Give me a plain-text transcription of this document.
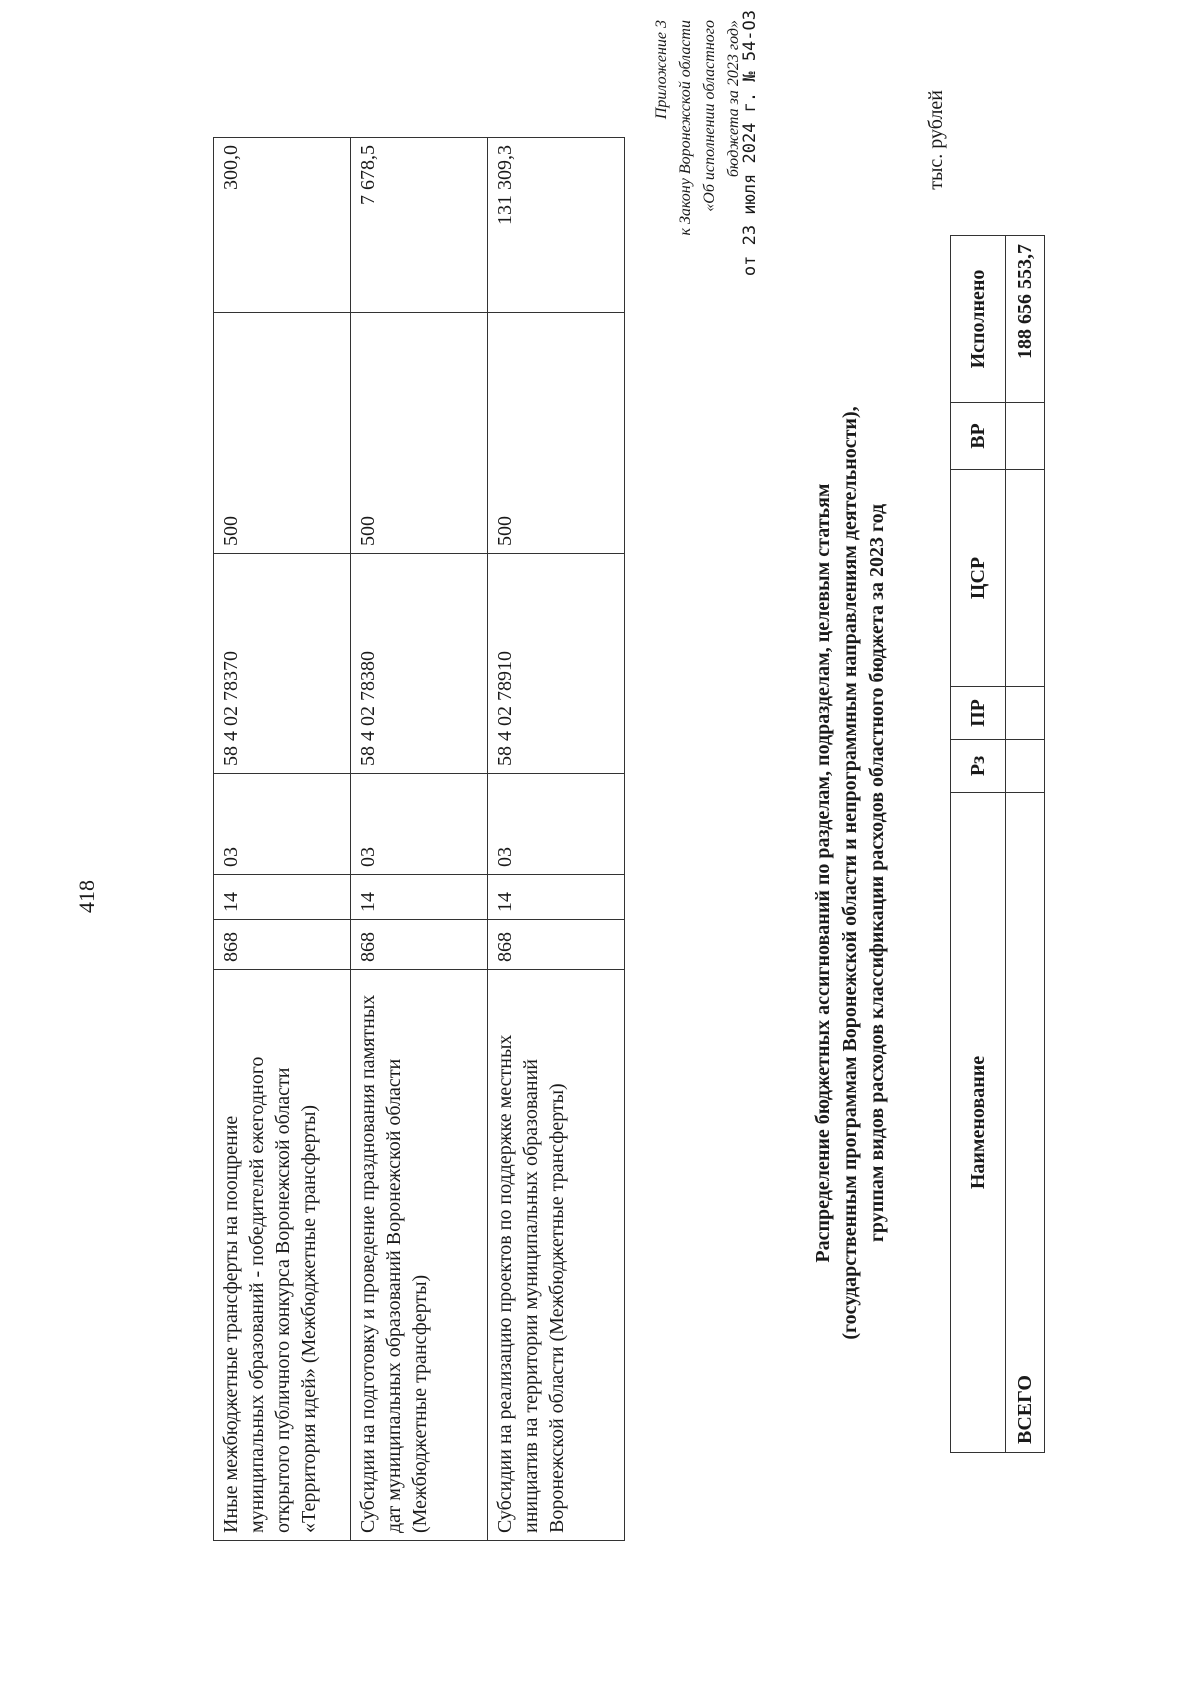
418
Иные межбюджетные трансферты на поощрение муниципальных образований - победителей ежегодного открытого публичного конкурса Воронежской области «Территория идей» (Межбюджетные трансферты)	868	14	03	58 4 02 78370	500	300,0
Субсидии на подготовку и проведение празднования памятных дат муниципальных образований Воронежской области (Межбюджетные трансферты)	868	14	03	58 4 02 78380	500	7 678,5
Субсидии на реализацию проектов по поддержке местных инициатив на территории муниципальных образований Воронежской области (Межбюджетные трансферты)	868	14	03	58 4 02 78910	500	131 309,3
Приложение 3 к Закону Воронежской области «Об исполнении областного бюджета за 2023 год»
от 23 июля 2024 г. № 54-ОЗ
Распределение бюджетных ассигнований по разделам, подразделам, целевым статьям (государственным программам Воронежской области и непрограммным направлениям деятельности), группам видов расходов классификации расходов областного бюджета за 2023 год
тыс. рублей
Наименование	Рз	ПР	ЦСР	ВР	Исполнено
ВСЕГО					188 656 553,7
